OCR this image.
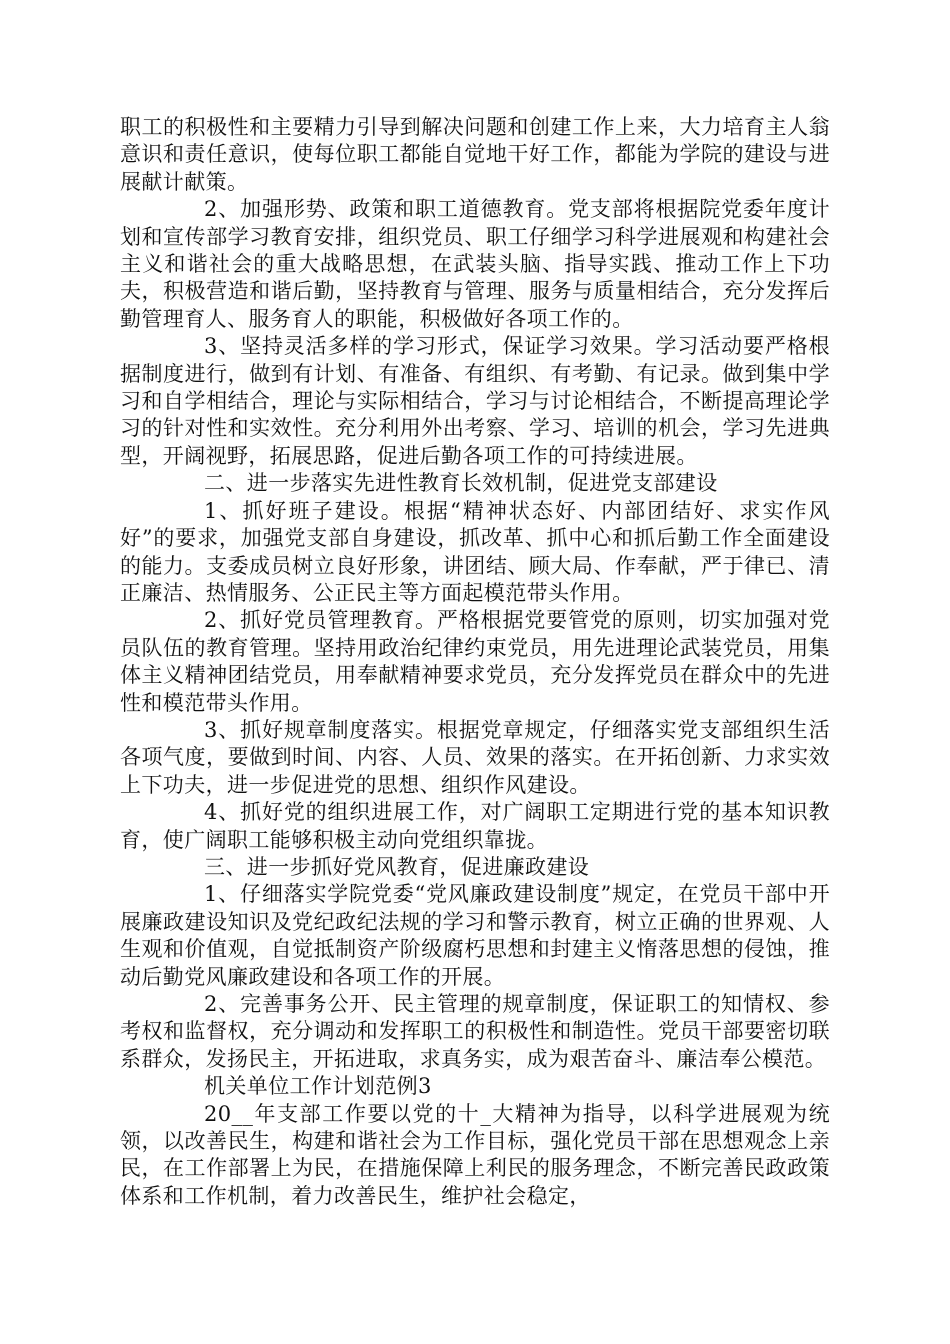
职工的积极性和主要精力引导到解决问题和创建工作上来，大力培育主人翁意识和责任意识，使每位职工都能自觉地干好工作，都能为学院的建设与进展献计献策。

2、加强形势、政策和职工道德教育。党支部将根据院党委年度计划和宣传部学习教育安排，组织党员、职工仔细学习科学进展观和构建社会主义和谐社会的重大战略思想，在武装头脑、指导实践、推动工作上下功夫，积极营造和谐后勤，坚持教育与管理、服务与质量相结合，充分发挥后勤管理育人、服务育人的职能，积极做好各项工作的。

3、坚持灵活多样的学习形式，保证学习效果。学习活动要严格根据制度进行，做到有计划、有准备、有组织、有考勤、有记录。做到集中学习和自学相结合，理论与实际相结合，学习与讨论相结合，不断提高理论学习的针对性和实效性。充分利用外出考察、学习、培训的机会，学习先进典型，开阔视野，拓展思路，促进后勤各项工作的可持续进展。

二、进一步落实先进性教育长效机制，促进党支部建设

1、抓好班子建设。根据“精神状态好、内部团结好、求实作风好”的要求，加强党支部自身建设，抓改革、抓中心和抓后勤工作全面建设的能力。支委成员树立良好形象，讲团结、顾大局、作奉献，严于律已、清正廉洁、热情服务、公正民主等方面起模范带头作用。

2、抓好党员管理教育。严格根据党要管党的原则，切实加强对党员队伍的教育管理。坚持用政治纪律约束党员，用先进理论武装党员，用集体主义精神团结党员，用奉献精神要求党员，充分发挥党员在群众中的先进性和模范带头作用。

3、抓好规章制度落实。根据党章规定，仔细落实党支部组织生活各项气度，要做到时间、内容、人员、效果的落实。在开拓创新、力求实效上下功夫，进一步促进党的思想、组织作风建设。

4、抓好党的组织进展工作，对广阔职工定期进行党的基本知识教育，使广阔职工能够积极主动向党组织靠拢。

三、进一步抓好党风教育，促进廉政建设

1、仔细落实学院党委“党风廉政建设制度”规定，在党员干部中开展廉政建设知识及党纪政纪法规的学习和警示教育，树立正确的世界观、人生观和价值观，自觉抵制资产阶级腐朽思想和封建主义惰落思想的侵蚀，推动后勤党风廉政建设和各项工作的开展。

2、完善事务公开、民主管理的规章制度，保证职工的知情权、参考权和监督权，充分调动和发挥职工的积极性和制造性。党员干部要密切联系群众，发扬民主，开拓进取，求真务实，成为艰苦奋斗、廉洁奉公模范。

机关单位工作计划范例3

20__年支部工作要以党的十_大精神为指导，以科学进展观为统领，以改善民生，构建和谐社会为工作目标，强化党员干部在思想观念上亲民，在工作部署上为民，在措施保障上利民的服务理念，不断完善民政政策体系和工作机制，着力改善民生，维护社会稳定，
